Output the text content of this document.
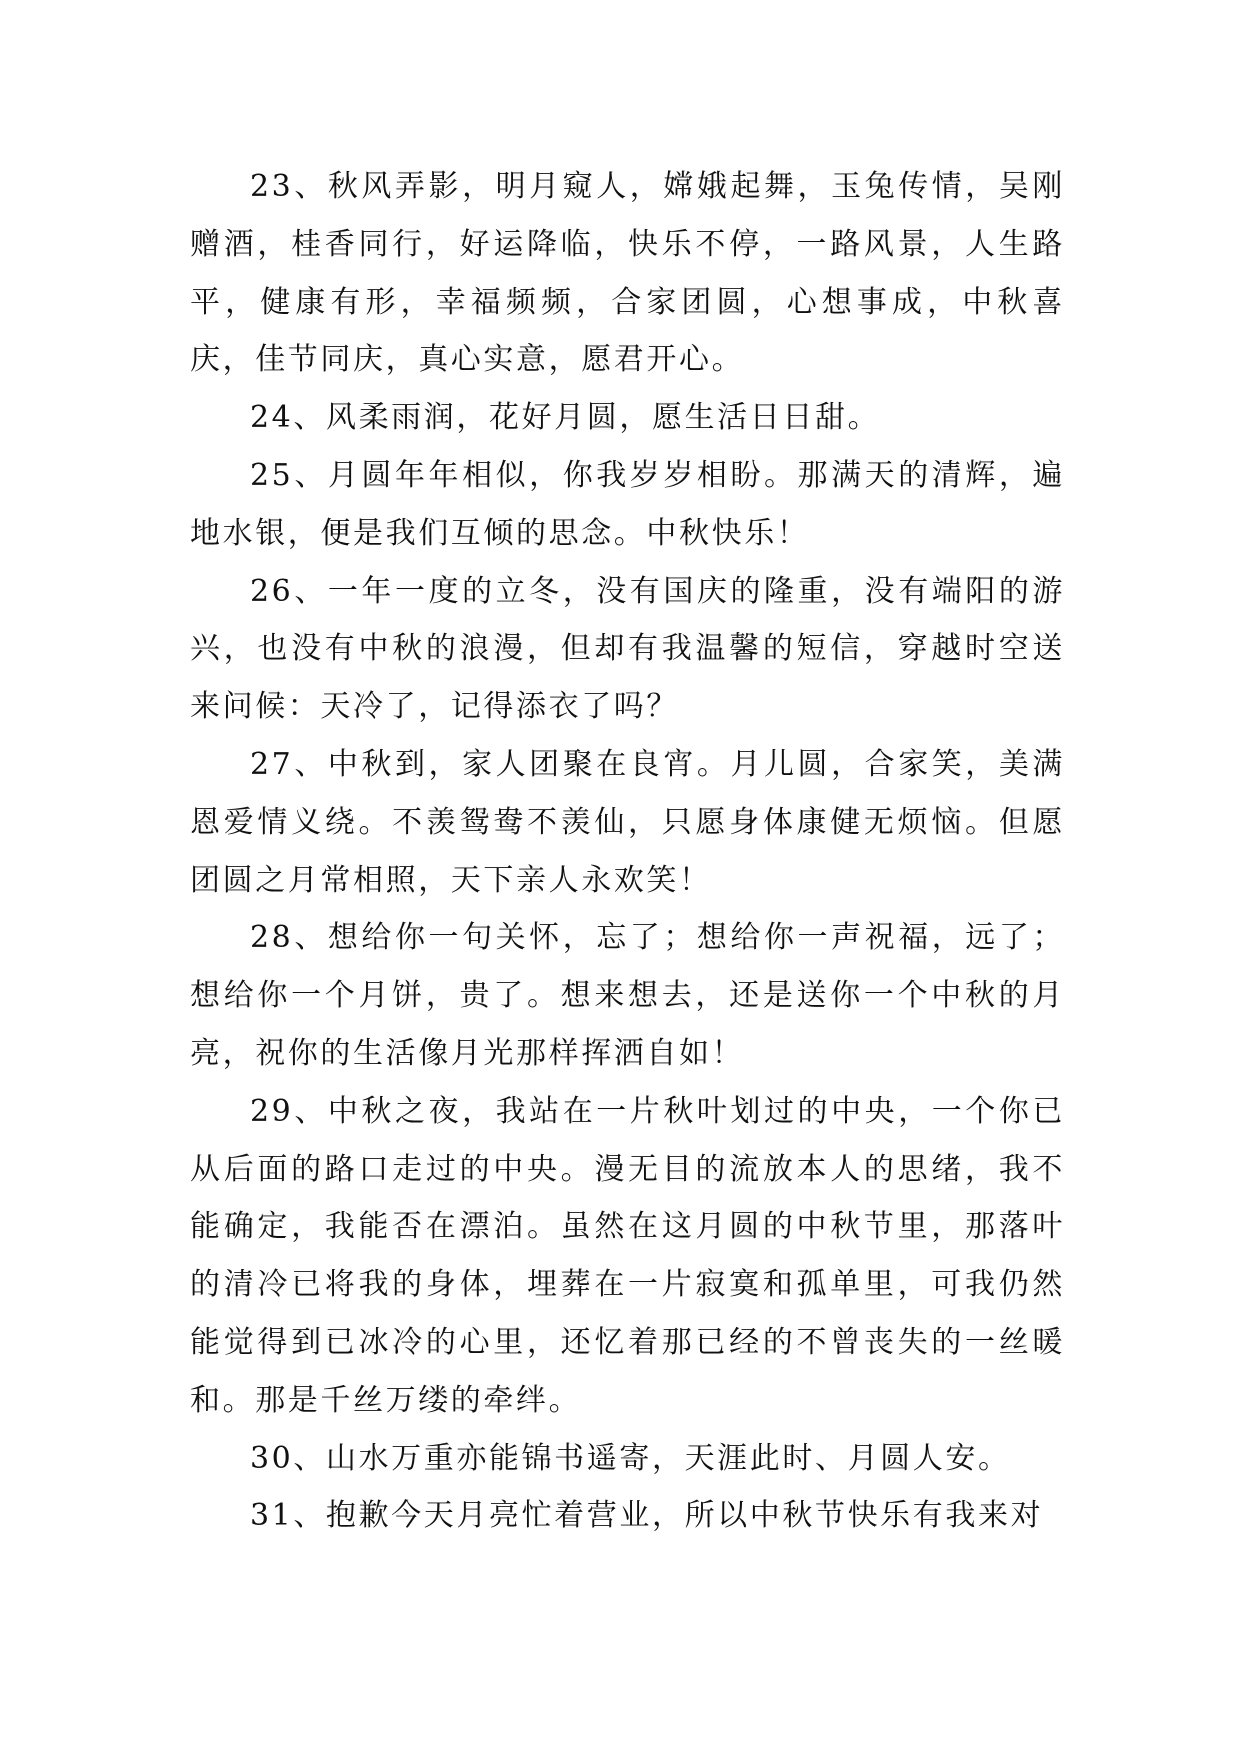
23、秋风弄影，明月窥人，嫦娥起舞，玉兔传情，吴刚赠酒，桂香同行，好运降临，快乐不停，一路风景，人生路平，健康有形，幸福频频，合家团圆，心想事成，中秋喜庆，佳节同庆，真心实意，愿君开心。

24、风柔雨润，花好月圆，愿生活日日甜。

25、月圆年年相似，你我岁岁相盼。那满天的清辉，遍地水银，便是我们互倾的思念。中秋快乐！

26、一年一度的立冬，没有国庆的隆重，没有端阳的游兴，也没有中秋的浪漫，但却有我温馨的短信，穿越时空送来问候：天冷了，记得添衣了吗？

27、中秋到，家人团聚在良宵。月儿圆，合家笑，美满恩爱情义绕。不羡鸳鸯不羡仙，只愿身体康健无烦恼。但愿团圆之月常相照，天下亲人永欢笑！

28、想给你一句关怀，忘了；想给你一声祝福，远了；想给你一个月饼，贵了。想来想去，还是送你一个中秋的月亮，祝你的生活像月光那样挥洒自如！

29、中秋之夜，我站在一片秋叶划过的中央，一个你已从后面的路口走过的中央。漫无目的流放本人的思绪，我不能确定，我能否在漂泊。虽然在这月圆的中秋节里，那落叶的清冷已将我的身体，埋葬在一片寂寞和孤单里，可我仍然能觉得到已冰冷的心里，还忆着那已经的不曾丧失的一丝暖和。那是千丝万缕的牵绊。

30、山水万重亦能锦书遥寄，天涯此时、月圆人安。

31、抱歉今天月亮忙着营业，所以中秋节快乐有我来对
